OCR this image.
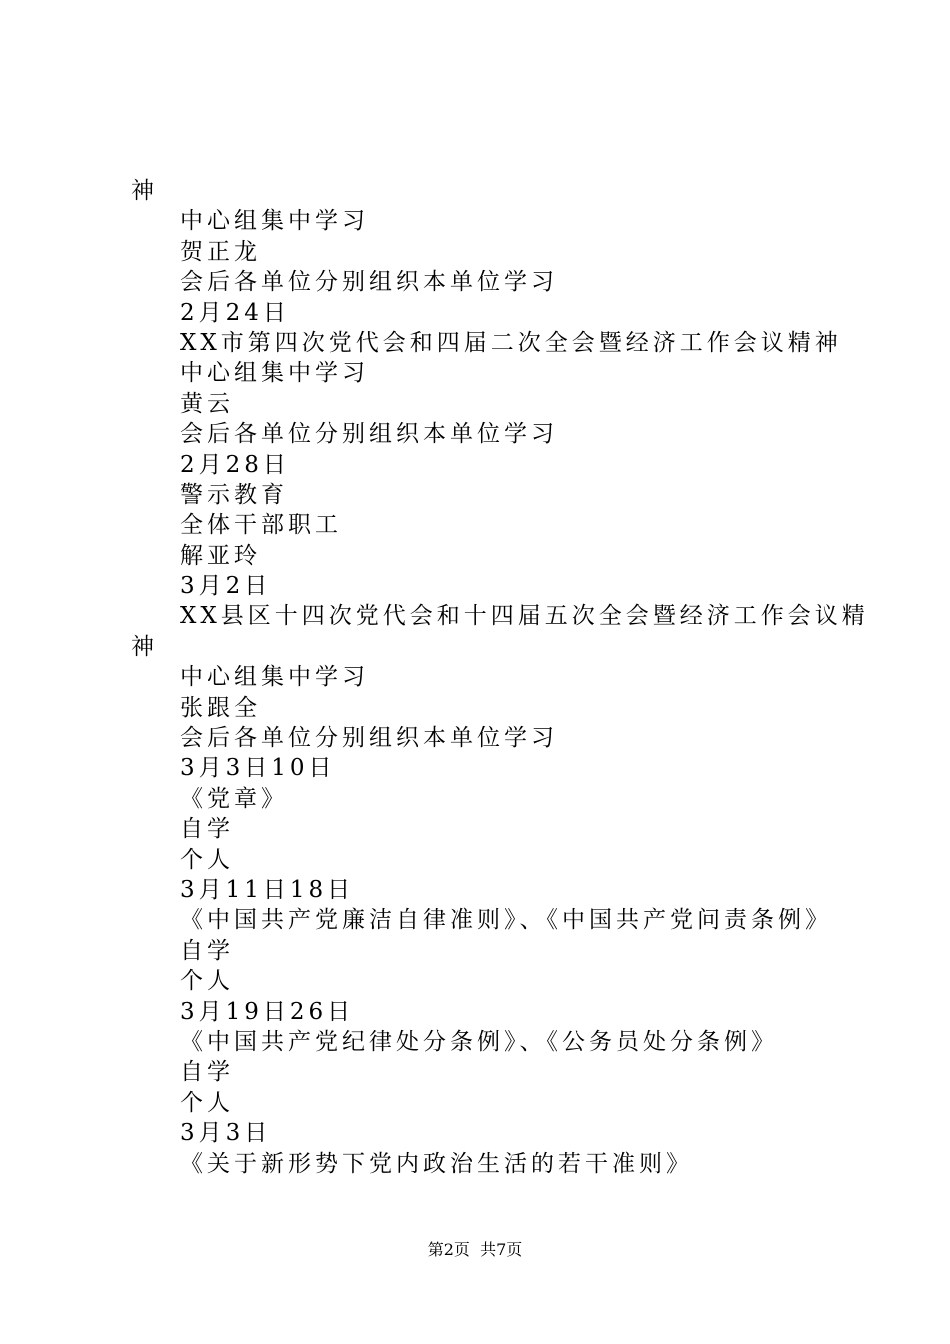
神
中心组集中学习
贺正龙
会后各单位分别组织本单位学习
2月24日
XX市第四次党代会和四届二次全会暨经济工作会议精神
中心组集中学习
黄云
会后各单位分别组织本单位学习
2月28日
警示教育
全体干部职工
解亚玲
3月2日
XX县区十四次党代会和十四届五次全会暨经济工作会议精
神
中心组集中学习
张跟全
会后各单位分别组织本单位学习
3月3日10日
《党章》
自学
个人
3月11日18日
《中国共产党廉洁自律准则》、《中国共产党问责条例》
自学
个人
3月19日26日
《中国共产党纪律处分条例》、《公务员处分条例》
自学
个人
3月3日
《关于新形势下党内政治生活的若干准则》
第2页  共7页
